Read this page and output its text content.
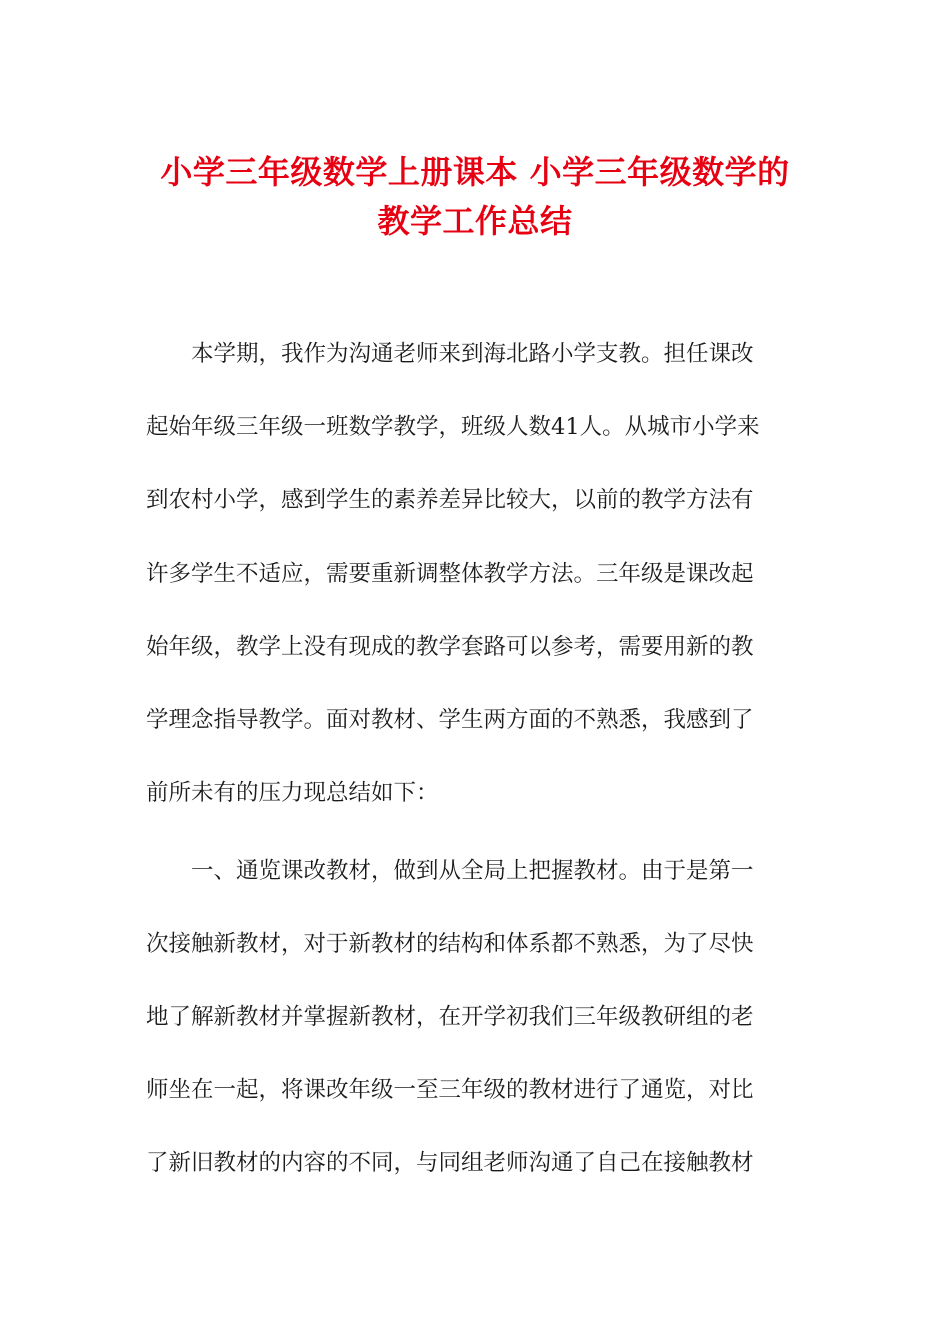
小学三年级数学上册课本 小学三年级数学的
教学工作总结
　　本学期，我作为沟通老师来到海北路小学支教。担任课改
起始年级三年级一班数学教学，班级人数41人。从城市小学来
到农村小学，感到学生的素养差异比较大，以前的教学方法有
许多学生不适应，需要重新调整体教学方法。三年级是课改起
始年级，教学上没有现成的教学套路可以参考，需要用新的教
学理念指导教学。面对教材、学生两方面的不熟悉，我感到了
前所未有的压力现总结如下：
　　一、通览课改教材，做到从全局上把握教材。由于是第一
次接触新教材，对于新教材的结构和体系都不熟悉，为了尽快
地了解新教材并掌握新教材，在开学初我们三年级教研组的老
师坐在一起，将课改年级一至三年级的教材进行了通览，对比
了新旧教材的内容的不同，与同组老师沟通了自己在接触教材
